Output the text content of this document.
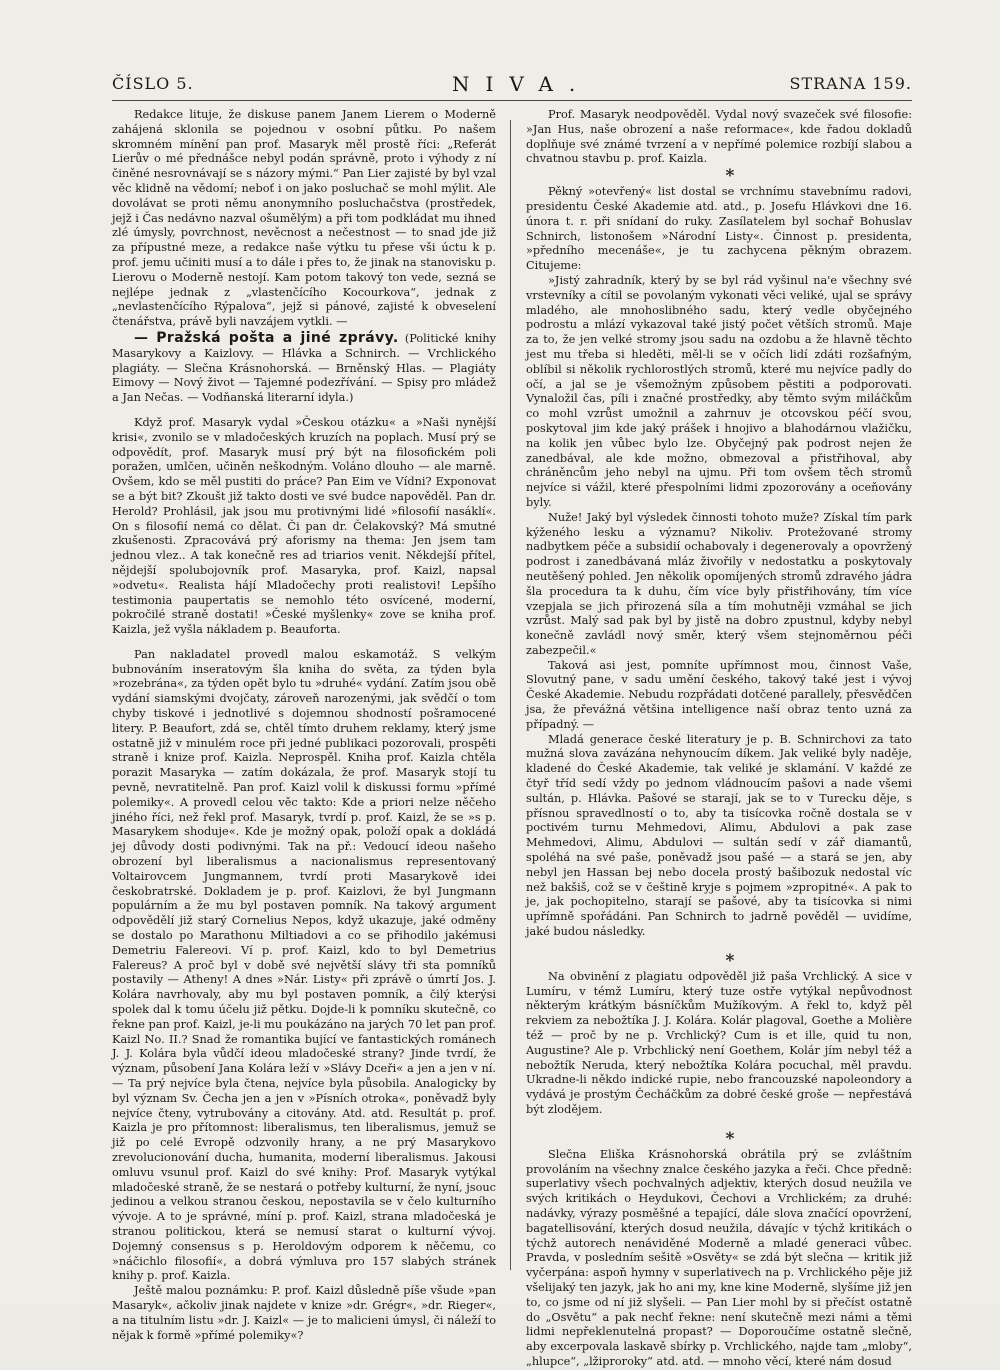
ČÍSLO 5.	NIVA.	STRANA 159.

Redakce lituje, že diskuse panem Janem Lierem o Moderně zahájená sklonila se pojednou v osobní půtku. Po našem skromném mínění pan prof. Masaryk měl prostě říci: „Referát Lierův o mé přednášce nebyl podán správně, proto i výhody z ní činěné nesrovnávají se s názory mými.“ Pan Lier zajisté by byl vzal věc klidně na vědomí; neboť i on jako posluchač se mohl mýlit. Ale dovolávat se proti němu anonymního posluchačstva (prostředek, jejž i Čas nedávno nazval ošumělým) a při tom podkládat mu ihned zlé úmysly, povrchnost, nevěcnost a nečestnost — to snad jde již za přípustné meze, a redakce naše výtku tu přese vši úctu k p. prof. jemu učiniti musí a to dále i přes to, že jinak na stanovisku p. Lierovu o Moderně nestojí. Kam potom takový ton vede, sezná se nejlépe jednak z „vlastenčícího Kocourkova“, jednak z „nevlastenčícího Rýpalova“, jejž si pánové, zajisté k obveselení čtenářstva, právě byli navzájem vytkli. —

— Pražská pošta a jiné zprávy. (Politické knihy Masarykovy a Kaizlovy. — Hlávka a Schnirch. — Vrchlického plagiáty. — Slečna Krásnohorská. — Brněnský Hlas. — Plagiáty Eimovy — Nový život — Tajemné podezřívání. — Spisy pro mládež a Jan Nečas. — Vodňanská literarní idyla.)

Když prof. Masaryk vydal »Českou otázku« a »Naši nynější krisi«, zvonilo se v mladočeských kruzích na poplach. Musí prý se odpovědít, prof. Masaryk musí prý být na filosofickém poli poražen, umlčen, učiněn neškodným. Voláno dlouho — ale marně. Ovšem, kdo se měl pustiti do práce? Pan Eim ve Vídni? Exponovat se a být bit? Zkoušt již takto dosti ve své budce napověděl. Pan dr. Herold? Prohlásil, jak jsou mu protivnými lidé »filosofií nasáklí«. On s filosofií nemá co dělat. Či pan dr. Čelakovský? Má smutné zkušenosti. Zpracovává prý aforismy na thema: Jen jsem tam jednou vlez.. A tak konečně res ad triarios venit. Někdejší přítel, nějdejší spolubojovník prof. Masaryka, prof. Kaizl, napsal »odvetu«. Realista hájí Mladočechy proti realistovi! Lepšího testimonia paupertatis se nemohlo této osvícené, moderní, pokročilé straně dostati! »České myšlenky« zove se kniha prof. Kaizla, jež vyšla nákladem p. Beauforta.

Pan nakladatel provedl malou eskamotáž. S velkým bubnováním inseratovým šla kniha do světa, za týden byla »rozebrána«, za týden opět bylo tu »druhé« vydání. Zatím jsou obě vydání siamskými dvojčaty, zároveň narozenými, jak svědčí o tom chyby tiskové i jednotlivé s dojemnou shodností pošramocené litery. P. Beaufort, zdá se, chtěl tímto druhem reklamy, který jsme ostatně již v minulém roce při jedné publikaci pozorovali, prospěti straně i knize prof. Kaizla. Neprospěl. Kniha prof. Kaizla chtěla porazit Masaryka — zatím dokázala, že prof. Masaryk stojí tu pevně, nevratitelně. Pan prof. Kaizl volil k diskussi formu »přímé polemiky«. A provedl celou věc takto: Kde a priori nelze něčeho jiného říci, než řekl prof. Masaryk, tvrdí p. prof. Kaizl, že se »s p. Masarykem shoduje«. Kde je možný opak, položí opak a dokládá jej důvody dosti podivnými. Tak na př.: Vedoucí ideou našeho obrození byl liberalismus a nacionalismus representovaný Voltairovcem Jungmannem, tvrdí proti Masarykově idei českobratrské. Dokladem je p. prof. Kaizlovi, že byl Jungmann populárním a že mu byl postaven pomník. Na takový argument odpovědělí již starý Cornelius Nepos, když ukazuje, jaké odměny se dostalo po Marathonu Miltiadovi a co se přihodilo jakémusi Demetriu Falereovi. Ví p. prof. Kaizl, kdo to byl Demetrius Falereus? A proč byl v době své největší slávy tři sta pomníků postavily — Atheny! A dnes »Nár. Listy« při zprávě o úmrtí Jos. J. Kolára navrhovaly, aby mu byl postaven pomník, a čilý kterýsi spolek dal k tomu účelu již pětku. Dojde-li k pomníku skutečně, co řekne pan prof. Kaizl, je-li mu poukázáno na jarých 70 let pan prof. Kaizl No. II.? Snad že romantika bující ve fantastických románech J. J. Kolára byla vůdčí ideou mladočeské strany? Jinde tvrdí, že význam, působení Jana Kolára leží v »Slávy Dceři« a jen a jen v ní. — Ta prý nejvíce byla čtena, nejvíce byla působila. Analogicky by byl význam Sv. Čecha jen a jen v »Písních otroka«, poněvadž byly nejvíce čteny, vytrubovány a citovány. Atd. atd. Resultát p. prof. Kaizla je pro přítomnost: liberalismus, ten liberalismus, jemuž se již po celé Evropě odzvonily hrany, a ne prý Masarykovo zrevolucionování ducha, humanita, moderní liberalismus. Jakousi omluvu vsunul prof. Kaizl do své knihy: Prof. Masaryk vytýkal mladočeské straně, že se nestará o potřeby kulturní, že nyní, jsouc jedinou a velkou stranou českou, nepostavila se v čelo kulturního vývoje. A to je správné, míní p. prof. Kaizl, strana mladočeská je stranou politickou, která se nemusí starat o kulturní vývoj. Dojemný consensus s p. Heroldovým odporem k něčemu, co »náčichlo filosofií«, a dobrá výmluva pro 157 slabých stránek knihy p. prof. Kaizla.

Ještě malou poznámku: P. prof. Kaizl důsledně píše všude »pan Masaryk«, ačkoliv jinak najdete v knize »dr. Grégr«, »dr. Rieger«, a na titulním listu »dr. J. Kaizl« — je to malicieni úmysl, či náleží to nějak k formě »přímé polemiky«?

Prof. Masaryk neodpověděl. Vydal nový svazeček své filosofie: »Jan Hus, naše obrození a naše reformace«, kde řadou dokladů doplňuje své známé tvrzení a v nepřímé polemice rozbíjí slabou a chvatnou stavbu p. prof. Kaizla.

*

Pěkný »otevřený« list dostal se vrchnímu stavebnímu radovi, presidentu České Akademie atd. atd., p. Josefu Hlávkovi dne 16. února t. r. při snídaní do ruky. Zasílatelem byl sochař Bohuslav Schnirch, listonošem »Národní Listy«. Činnost p. presidenta, »předního mecenáše«, je tu zachycena pěkným obrazem. Citujeme:

»Jistý zahradník, který by se byl rád vyšinul na'e všechny své vrstevníky a cítil se povolaným vykonati věci veliké, ujal se správy mladého, ale mnohoslibného sadu, který vedle obyčejného podrostu a mlází vykazoval také jistý počet větších stromů. Maje za to, že jen velké stromy jsou sadu na ozdobu a že hlavně těchto jest mu třeba si hleděti, měl-li se v očích lidí zdáti rozšafným, oblíbil si několik rychlorostlých stromů, které mu nejvíce padly do očí, a jal se je všemožným způsobem pěstiti a podporovati. Vynaložil čas, píli i značné prostředky, aby těmto svým miláčkům co mohl vzrůst umožnil a zahrnuv je otcovskou péčí svou, poskytoval jim kde jaký prášek i hnojivo a blahodárnou vlažičku, na kolik jen vůbec bylo lze. Obyčejný pak podrost nejen že zanedbával, ale kde možno, obmezoval a přistřihoval, aby chráněncům jeho nebyl na ujmu. Při tom ovšem těch stromů nejvíce si vážil, které přespolními lidmi zpozorovány a oceňovány byly.

Nuže! Jaký byl výsledek činnosti tohoto muže? Získal tím park kýženého lesku a významu? Nikoliv. Protežované stromy nadbytkem péče a subsidií ochabovaly i degenerovaly a opovržený podrost i zanedbávaná mláz živořily v nedostatku a poskytovaly neutěšený pohled. Jen několik opomíjených stromů zdravého jádra šla procedura ta k duhu, čím více byly přistřihovány, tím více vzepjala se jich přirozená síla a tím mohutněji vzmáhal se jich vzrůst. Malý sad pak byl by jistě na dobro zpustnul, kdyby nebyl konečně zavládl nový směr, který všem stejnoměrnou péči zabezpečil.«

Taková asi jest, pomníte upřímnost mou, činnost Vaše, Slovutný pane, v sadu umění českého, takový také jest i vývoj České Akademie. Nebudu rozpřádati dotčené parallely, přesvědčen jsa, že převážná většina intelligence naší obraz tento uzná za případný. —

Mladá generace české literatury je p. B. Schnirchovi za tato mužná slova zavázána nehynoucím díkem. Jak veliké byly naděje, kladené do České Akademie, tak veliké je sklamání. V každé ze čtyř tříd sedí vždy po jednom vládnoucím pašovi a nade všemi sultán, p. Hlávka. Pašové se starají, jak se to v Turecku děje, s přísnou spravedlností o to, aby ta tisícovka ročně dostala se v poctivém turnu Mehmedovi, Alimu, Abdulovi a pak zase Mehmedovi, Alimu, Abdulovi — sultán sedí v zář diamantů, spoléhá na své paše, poněvadž jsou pašé — a stará se jen, aby nebyl jen Hassan bej nebo docela prostý bašibozuk nedostal víc než bakšiš, což se v češtině kryje s pojmem »zpropitné«. A pak to je, jak pochopitelno, starají se pašové, aby ta tisícovka si nimi upřímně spořádáni. Pan Schnirch to jadrně pověděl — uvidíme, jaké budou následky.

*

Na obvinění z plagiatu odpověděl již paša Vrchlický. A sice v Lumíru, v témž Lumíru, který tuze ostře vytýkal nepůvodnost některým krátkým básníčkům Mužíkovým. A řekl to, když pěl rekviem za nebožtíka J. J. Kolára. Kolár plagoval, Goethe a Molière též — proč by ne p. Vrchlický? Cum is et ille, quid tu non, Augustine? Ale p. Vrbchlický není Goethem, Kolár jím nebyl též a nebožtík Neruda, který nebožtíka Kolára pocuchal, měl pravdu. Ukradne-li někdo indické rupie, nebo francouzské napoleondory a vydává je prostým Čecháčkům za dobré české groše — nepřestává být zlodějem.

*

Slečna Eliška Krásnohorská obrátila prý se zvláštním provoláním na všechny znalce českého jazyka a řeči. Chce předně: superlativy všech pochvalných adjektiv, kterých dosud neužila ve svých kritikách o Heydukovi, Čechovi a Vrchlickém; za druhé: nadávky, výrazy posměšné a tepající, dále slova značící opovržení, bagatellisování, kterých dosud neužila, dávajíc v týchž kritikách o týchž autorech nenáviděné Moderně a mladé generaci vůbec. Pravda, v posledním sešitě »Osvěty« se zdá být slečna — kritik již vyčerpána: aspoň hymny v superlativech na p. Vrchlického pěje již všelijaký ten jazyk, jak ho ani my, kne kine Moderně, slyšíme již jen to, co jsme od ní již slyšeli. — Pan Lier mohl by si přečíst ostatně do „Osvětu“ a pak nechť řekne: není skutečně mezi námi a těmi lidmi nepřeklenutelná propast? — Doporoučíme ostatně slečně, aby excerpovala laskavě sbírky p. Vrchlického, najde tam „mloby“, „hlupce“, „lžiproroky“ atd. atd. — mnoho věcí, které nám dosud
